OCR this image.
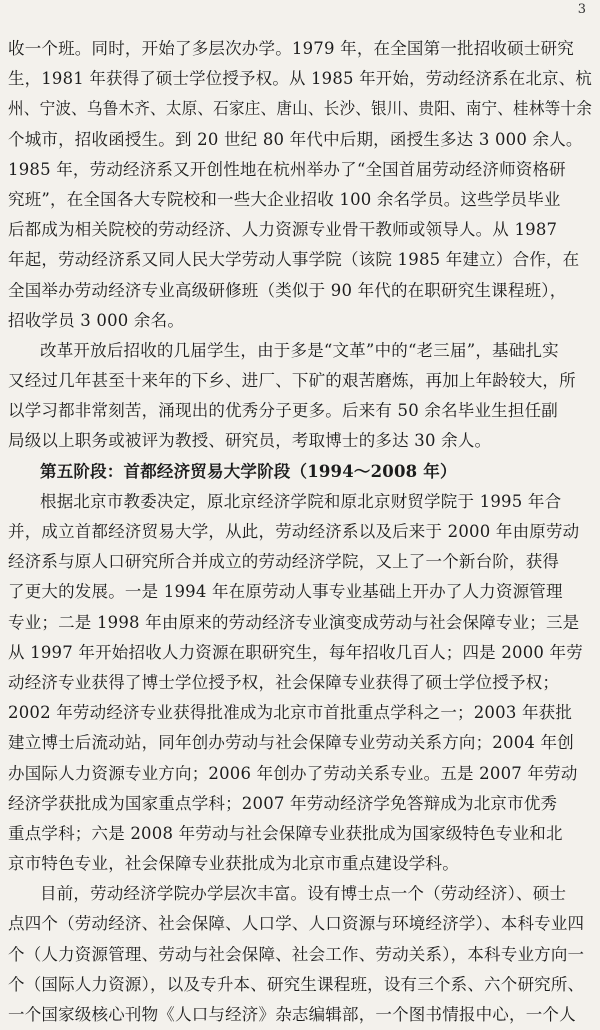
3
收一个班。同时，开始了多层次办学。1979 年，在全国第一批招收硕士研究
生，1981 年获得了硕士学位授予权。从 1985 年开始，劳动经济系在北京、杭
州、宁波、乌鲁木齐、太原、石家庄、唐山、长沙、银川、贵阳、南宁、桂林等十余
个城市，招收函授生。到 20 世纪 80 年代中后期，函授生多达 3 000 余人。
1985 年，劳动经济系又开创性地在杭州举办了“全国首届劳动经济师资格研
究班”，在全国各大专院校和一些大企业招收 100 余名学员。这些学员毕业
后都成为相关院校的劳动经济、人力资源专业骨干教师或领导人。从 1987
年起，劳动经济系又同人民大学劳动人事学院（该院 1985 年建立）合作，在
全国举办劳动经济专业高级研修班（类似于 90 年代的在职研究生课程班），
招收学员 3 000 余名。
改革开放后招收的几届学生，由于多是“文革”中的“老三届”，基础扎实
又经过几年甚至十来年的下乡、进厂、下矿的艰苦磨炼，再加上年龄较大，所
以学习都非常刻苦，涌现出的优秀分子更多。后来有 50 余名毕业生担任副
局级以上职务或被评为教授、研究员，考取博士的多达 30 余人。
第五阶段：首都经济贸易大学阶段（1994～2008 年）
根据北京市教委决定，原北京经济学院和原北京财贸学院于 1995 年合
并，成立首都经济贸易大学，从此，劳动经济系以及后来于 2000 年由原劳动
经济系与原人口研究所合并成立的劳动经济学院，又上了一个新台阶，获得
了更大的发展。一是 1994 年在原劳动人事专业基础上开办了人力资源管理
专业；二是 1998 年由原来的劳动经济专业演变成劳动与社会保障专业；三是
从 1997 年开始招收人力资源在职研究生，每年招收几百人；四是 2000 年劳
动经济专业获得了博士学位授予权，社会保障专业获得了硕士学位授予权；
2002 年劳动经济专业获得批准成为北京市首批重点学科之一；2003 年获批
建立博士后流动站，同年创办劳动与社会保障专业劳动关系方向；2004 年创
办国际人力资源专业方向；2006 年创办了劳动关系专业。五是 2007 年劳动
经济学获批成为国家重点学科；2007 年劳动经济学免答辩成为北京市优秀
重点学科；六是 2008 年劳动与社会保障专业获批成为国家级特色专业和北
京市特色专业，社会保障专业获批成为北京市重点建设学科。
目前，劳动经济学院办学层次丰富。设有博士点一个（劳动经济）、硕士
点四个（劳动经济、社会保障、人口学、人口资源与环境经济学）、本科专业四
个（人力资源管理、劳动与社会保障、社会工作、劳动关系），本科专业方向一
个（国际人力资源），以及专升本、研究生课程班，设有三个系、六个研究所、
一个国家级核心刊物《人口与经济》杂志编辑部，一个图书情报中心，一个人
